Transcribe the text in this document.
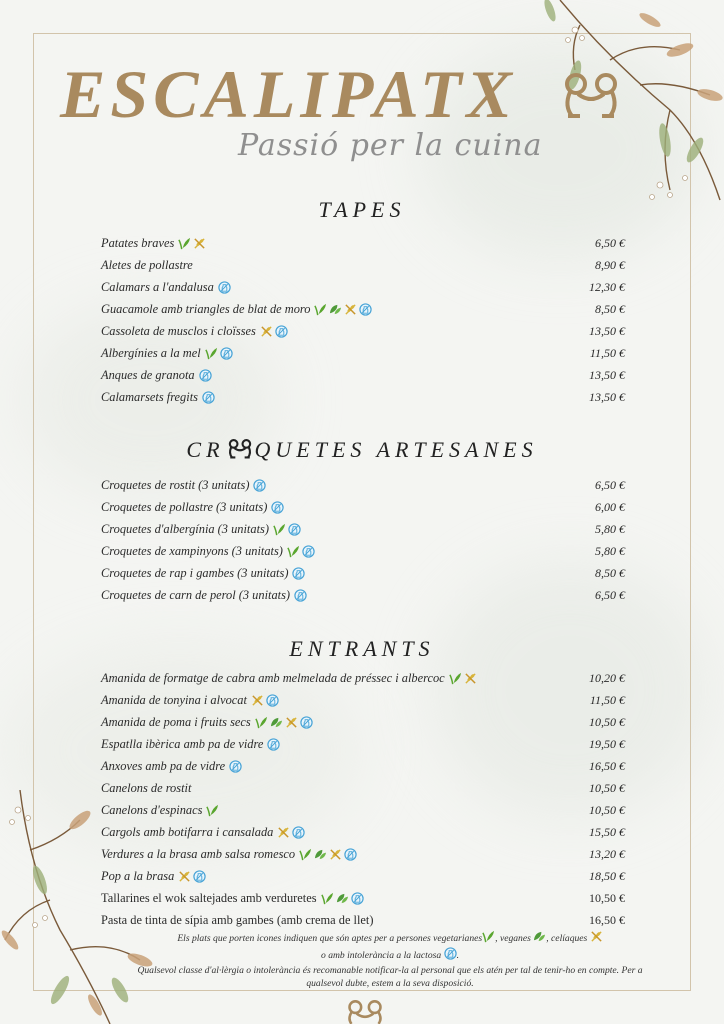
ESCALIPATX
Passió per la cuina
TAPES
CR QUETES ARTESANES
ENTRANTS
Patates braves	6,50 €
Aletes de pollastre	8,90 €
Calamars a l'andalusa	12,30 €
Guacamole amb triangles de blat de moro	8,50 €
Cassoleta de musclos i cloïsses	13,50 €
Albergínies a la mel	11,50 €
Anques de granota	13,50 €
Calamarsets fregits	13,50 €
Croquetes de rostit (3 unitats)	6,50 €
Croquetes de pollastre (3 unitats)	6,00 €
Croquetes d'albergínia (3 unitats)	5,80 €
Croquetes de xampinyons (3 unitats)	5,80 €
Croquetes de rap i gambes (3 unitats)	8,50 €
Croquetes de carn de perol (3 unitats)	6,50 €
Amanida de formatge de cabra amb melmelada de préssec i albercoc	10,20 €
Amanida de tonyina i alvocat	11,50 €
Amanida de poma i fruits secs	10,50 €
Espatlla ibèrica amb pa de vidre	19,50 €
Anxoves amb pa de vidre	16,50 €
Canelons de rostit	10,50 €
Canelons d'espinacs	10,50 €
Cargols amb botifarra i cansalada	15,50 €
Verdures a la brasa amb salsa romesco	13,20 €
Pop a la brasa	18,50 €
Tallarines el wok saltejades amb verduretes	10,50 €
Pasta de tinta de sípia amb gambes (amb crema de llet)	16,50 €

Els plats que porten icones indiquen que són aptes per a persones vegetarianes , veganes , celíaques

o amb intolerància a la lactosa .

Qualsevol classe d'al·lèrgia o intolerància és recomanable notificar-la al personal que els atén per tal de tenir-ho en compte. Per a qualsevol dubte, estem a la seva disposició.
